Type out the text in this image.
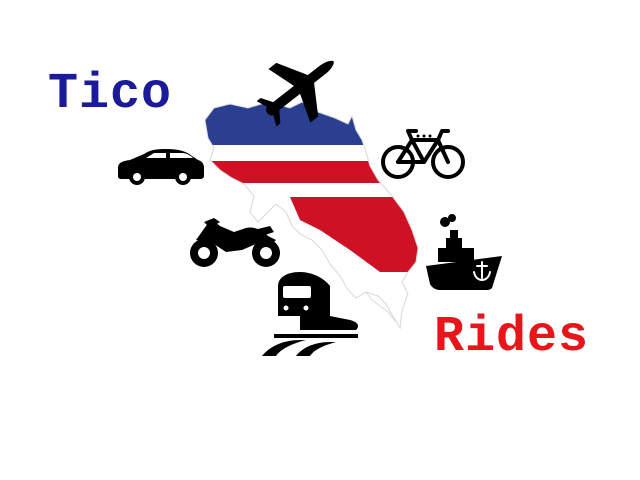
Tico
Rides
